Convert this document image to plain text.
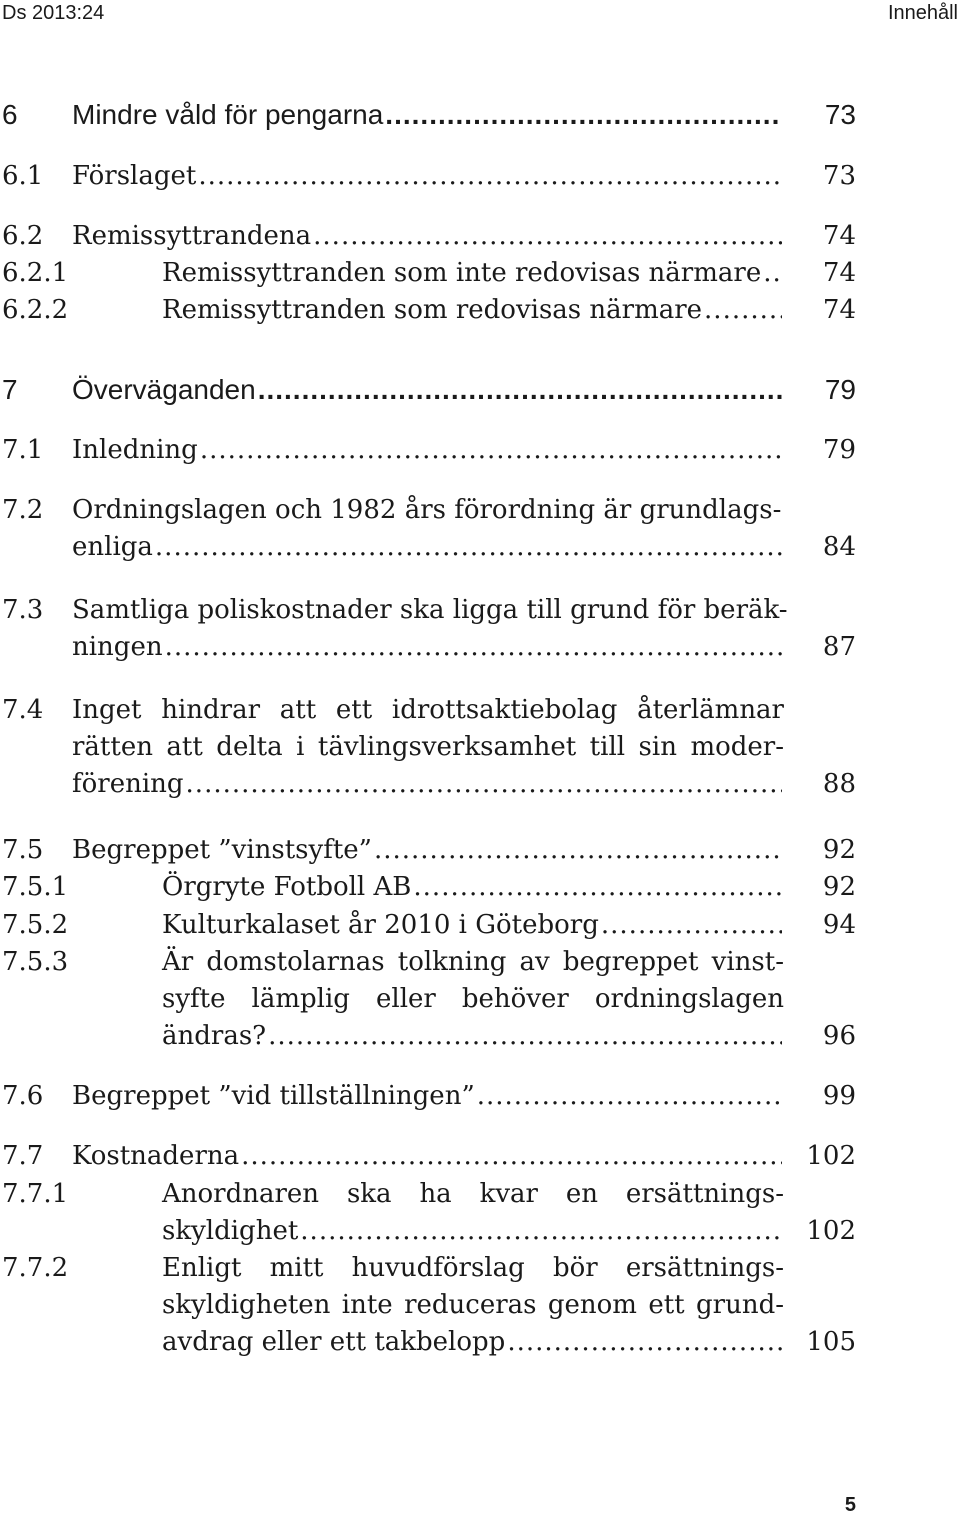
Ds 2013:24	Innehåll
6 Mindre våld för pengarna .....	73
6.1 Förslaget .....	73
6.2 Remissyttrandena .....	74
6.2.1	Remissyttranden som inte redovisas närmare ..... 74
6.2.2	Remissyttranden som redovisas närmare .....	74
7 Överväganden .....	79
7.1 Inledning .....	79
7.2 Ordningslagen och 1982 års förordning är grundlags-
enliga .....	84
7.3 Samtliga poliskostnader ska ligga till grund för beräk-
ningen .....	87
7.4 Inget hindrar att ett idrottsaktiebolag återlämnar
rätten att delta i tävlingsverksamhet till sin moder-
förening .....	88
7.5 Begreppet ”vinstsyfte” .....	92
7.5.1	Örgryte Fotboll AB .....	92
7.5.2	Kulturkalaset år 2010 i Göteborg .....	94
7.5.3	Är domstolarnas tolkning av begreppet vinst-
syfte lämplig eller behöver ordningslagen
ändras? .....	96
7.6 Begreppet ”vid tillställningen” .....	99
7.7 Kostnaderna .....	102
7.7.1	Anordnaren ska ha kvar en ersättnings-
skyldighet .....	102
7.7.2	Enligt mitt huvudförslag bör ersättnings-
skyldigheten inte reduceras genom ett grund-
avdrag eller ett takbelopp .....	105
5
